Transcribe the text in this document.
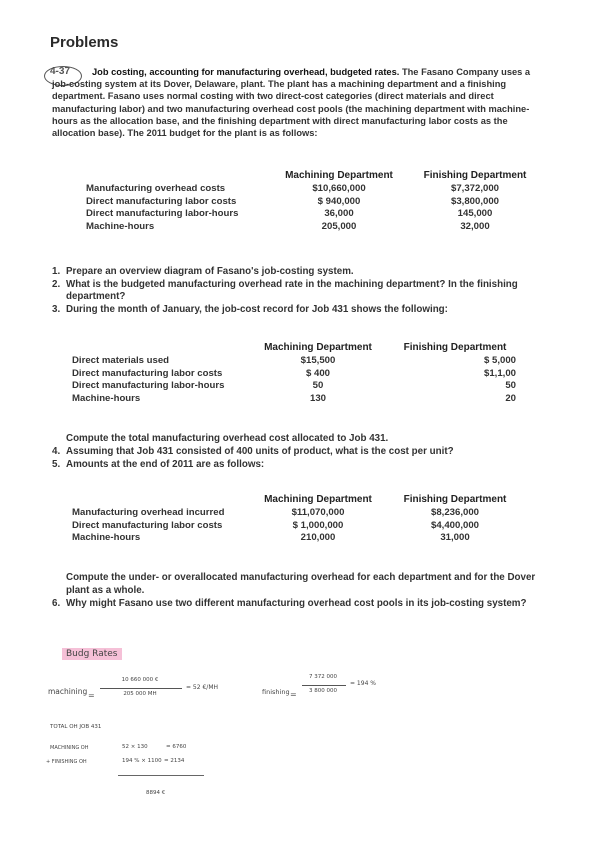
Problems
Job costing, accounting for manufacturing overhead, budgeted rates. The Fasano Company uses a job-costing system at its Dover, Delaware, plant. The plant has a machining department and a finishing department. Fasano uses normal costing with two direct-cost categories (direct materials and direct manufacturing labor) and two manufacturing overhead cost pools (the machining department with machine-hours as the allocation base, and the finishing department with direct manufacturing labor costs as the allocation base). The 2011 budget for the plant is as follows:
4-37
	Machining Department	Finishing Department
Manufacturing overhead costs	$10,660,000	$7,372,000
Direct manufacturing labor costs	$ 940,000	$3,800,000
Direct manufacturing labor-hours	36,000	145,000
Machine-hours	205,000	32,000
1. Prepare an overview diagram of Fasano's job-costing system.
2. What is the budgeted manufacturing overhead rate in the machining department? In the finishing department?
3. During the month of January, the job-cost record for Job 431 shows the following:
	Machining Department	Finishing Department
Direct materials used	$15,500	$ 5,000
Direct manufacturing labor costs	$ 400	$1,1,00
Direct manufacturing labor-hours	50	50
Machine-hours	130	20
Compute the total manufacturing overhead cost allocated to Job 431.
4. Assuming that Job 431 consisted of 400 units of product, what is the cost per unit?
5. Amounts at the end of 2011 are as follows:
	Machining Department	Finishing Department
Manufacturing overhead incurred	$11,070,000	$8,236,000
Direct manufacturing labor costs	$ 1,000,000	$4,400,000
Machine-hours	210,000	31,000
Compute the under- or overallocated manufacturing overhead for each department and for the Dover plant as a whole.
6. Why might Fasano use two different manufacturing overhead cost pools in its job-costing system?
Budg Rates
machining =
10 660 000 €
205 000 MH
= 52 €/MH
finishing =
7 372 000
3 800 000
= 194 %
TOTAL OH JOB 431
MACHINING OH	52 × 130	= 6760
+ FINISHING OH	194 % × 1100 = 2134
8894 €
